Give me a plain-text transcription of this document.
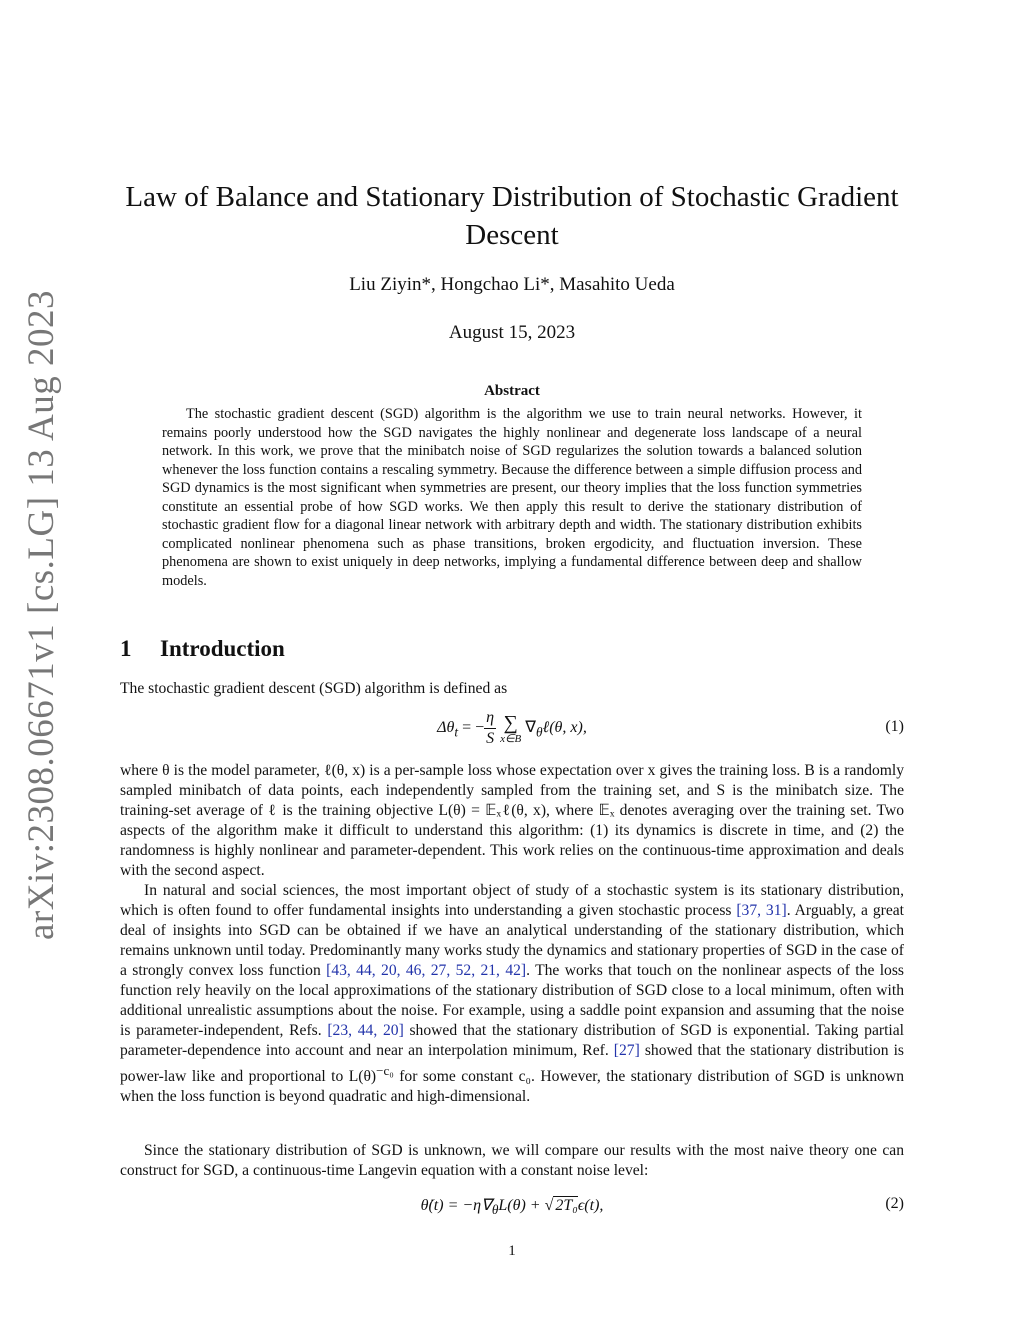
arXiv:2308.06671v1 [cs.LG] 13 Aug 2023
Law of Balance and Stationary Distribution of Stochastic Gradient Descent
Liu Ziyin*, Hongchao Li*, Masahito Ueda
August 15, 2023
Abstract

The stochastic gradient descent (SGD) algorithm is the algorithm we use to train neural networks. However, it remains poorly understood how the SGD navigates the highly nonlinear and degenerate loss landscape of a neural network. In this work, we prove that the minibatch noise of SGD regularizes the solution towards a balanced solution whenever the loss function contains a rescaling symmetry. Because the difference between a simple diffusion process and SGD dynamics is the most significant when symmetries are present, our theory implies that the loss function symmetries constitute an essential probe of how SGD works. We then apply this result to derive the stationary distribution of stochastic gradient flow for a diagonal linear network with arbitrary depth and width. The stationary distribution exhibits complicated nonlinear phenomena such as phase transitions, broken ergodicity, and fluctuation inversion. These phenomena are shown to exist uniquely in deep networks, implying a fundamental difference between deep and shallow models.

1 Introduction

The stochastic gradient descent (SGD) algorithm is defined as

$\Delta\theta_t$ = − $\frac{\eta}{S}$ ∑
x∈B
$\nabla_\theta\ell(\theta$, x),	(1)

where θ is the model parameter, ℓ(θ, x) is a per-sample loss whose expectation over x gives the training loss. B is a randomly sampled minibatch of data points, each independently sampled from the training set, and S is the minibatch size. The training-set average of ℓ is the training objective L(θ) = 𝔼ₓℓ(θ, x), where 𝔼ₓ denotes averaging over the training set. Two aspects of the algorithm make it difficult to understand this algorithm: (1) its dynamics is discrete in time, and (2) the randomness is highly nonlinear and parameter-dependent. This work relies on the continuous-time approximation and deals with the second aspect.

In natural and social sciences, the most important object of study of a stochastic system is its stationary distribution, which is often found to offer fundamental insights into understanding a given stochastic process [37, 31]. Arguably, a great deal of insights into SGD can be obtained if we have an analytical understanding of the stationary distribution, which remains unknown until today. Predominantly many works study the dynamics and stationary properties of SGD in the case of a strongly convex loss function [43, 44, 20, 46, 27, 52, 21, 42]. The works that touch on the nonlinear aspects of the loss function rely heavily on the local approximations of the stationary distribution of SGD close to a local minimum, often with additional unrealistic assumptions about the noise. For example, using a saddle point expansion and assuming that the noise is parameter-independent, Refs. [23, 44, 20] showed that the stationary distribution of SGD is exponential. Taking partial parameter-dependence into account and near an interpolation minimum, Ref. [27] showed that the stationary distribution is power-law like and proportional to $L(\theta)^{-c_0}$ for some constant c₀. However, the stationary distribution of SGD is unknown when the loss function is beyond quadratic and high-dimensional.

Since the stationary distribution of SGD is unknown, we will compare our results with the most naive theory one can construct for SGD, a continuous-time Langevin equation with a constant noise level:

θ̇(t) = $-\eta\nabla_\theta L(\theta)$ + √ 2T₀ϵ(t),	(2)
1
